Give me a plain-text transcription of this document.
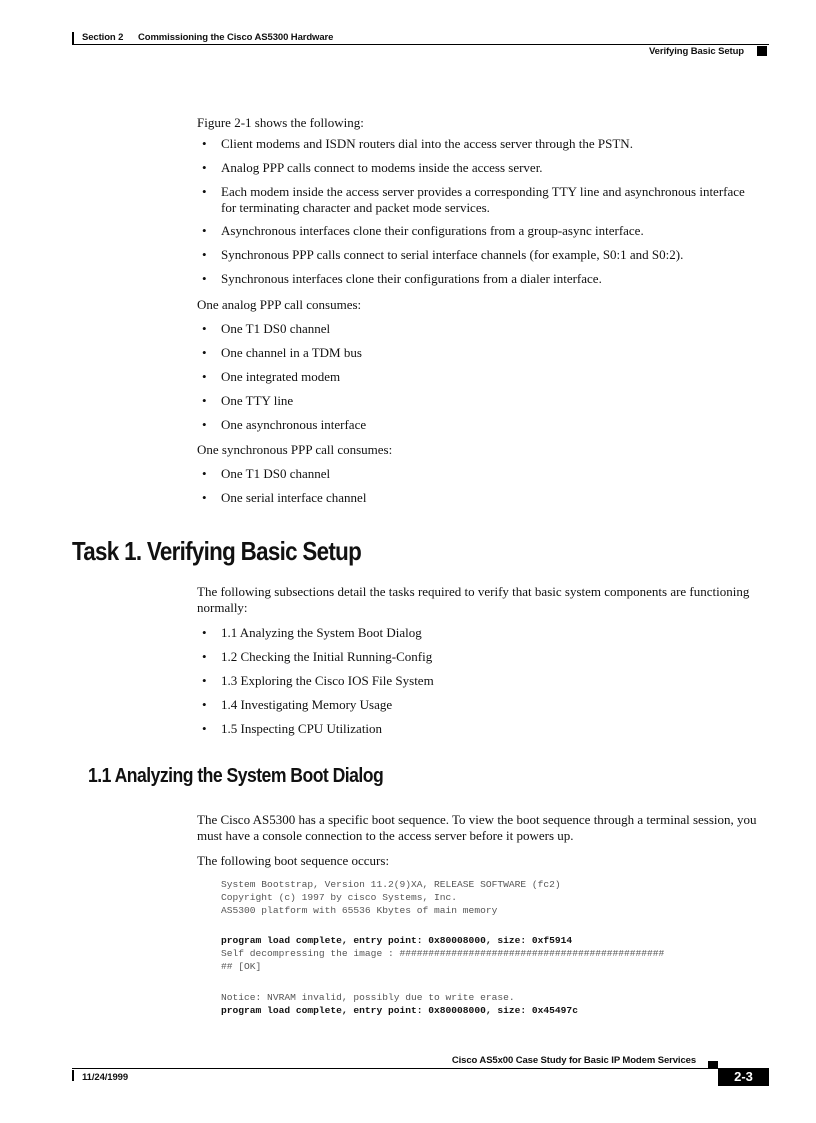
Section 2 Commissioning the Cisco AS5300 Hardware
Verifying Basic Setup
Figure 2-1 shows the following:
• Client modems and ISDN routers dial into the access server through the PSTN.
• Analog PPP calls connect to modems inside the access server.
• Each modem inside the access server provides a corresponding TTY line and asynchronous interface for terminating character and packet mode services.
• Asynchronous interfaces clone their configurations from a group-async interface.
• Synchronous PPP calls connect to serial interface channels (for example, S0:1 and S0:2).
• Synchronous interfaces clone their configurations from a dialer interface.
One analog PPP call consumes:
• One T1 DS0 channel
• One channel in a TDM bus
• One integrated modem
• One TTY line
• One asynchronous interface
One synchronous PPP call consumes:
• One T1 DS0 channel
• One serial interface channel
Task 1. Verifying Basic Setup
The following subsections detail the tasks required to verify that basic system components are functioning normally:
• 1.1 Analyzing the System Boot Dialog
• 1.2 Checking the Initial Running-Config
• 1.3 Exploring the Cisco IOS File System
• 1.4 Investigating Memory Usage
• 1.5 Inspecting CPU Utilization
1.1 Analyzing the System Boot Dialog
The Cisco AS5300 has a specific boot sequence. To view the boot sequence through a terminal session, you must have a console connection to the access server before it powers up.
The following boot sequence occurs:
System Bootstrap, Version 11.2(9)XA, RELEASE SOFTWARE (fc2)
Copyright (c) 1997 by cisco Systems, Inc.
AS5300 platform with 65536 Kbytes of main memory
program load complete, entry point: 0x80008000, size: 0xf5914
Self decompressing the image : ##############################################
## [OK]
Notice: NVRAM invalid, possibly due to write erase.
program load complete, entry point: 0x80008000, size: 0x45497c
Cisco AS5x00 Case Study for Basic IP Modem Services
11/24/1999	2-3
